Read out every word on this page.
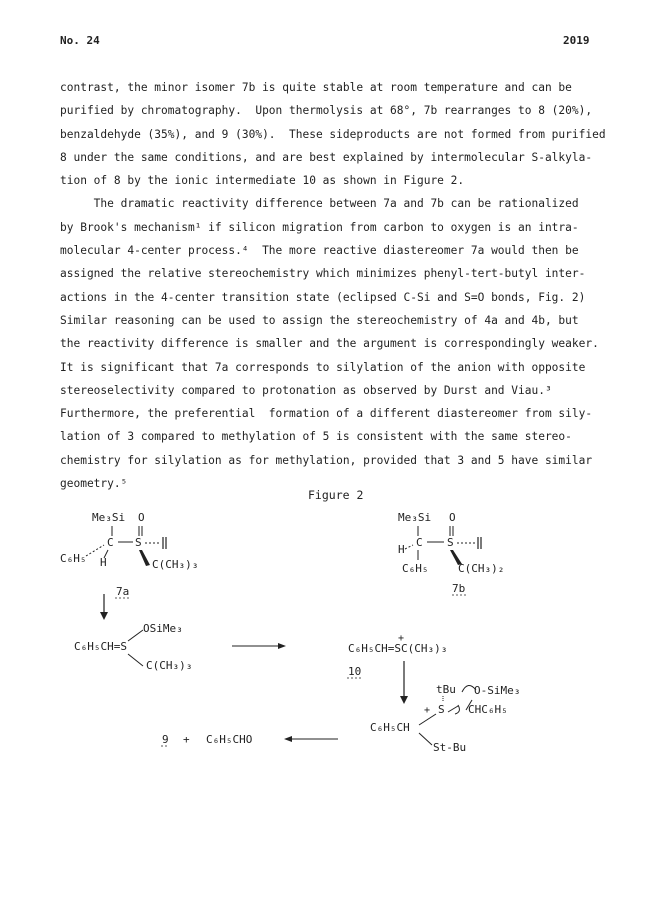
No. 24	2019
contrast, the minor isomer 7b is quite stable at room temperature and can be
purified by chromatography.  Upon thermolysis at 68°, 7b rearranges to 8 (20%),
benzaldehyde (35%), and 9 (30%).  These sideproducts are not formed from purified
8 under the same conditions, and are best explained by intermolecular S-alkyla-
tion of 8 by the ionic intermediate 10 as shown in Figure 2.
The dramatic reactivity difference between 7a and 7b can be rationalized
by Brook's mechanism¹ if silicon migration from carbon to oxygen is an intra-
molecular 4-center process.⁴  The more reactive diastereomer 7a would then be
assigned the relative stereochemistry which minimizes phenyl-tert-butyl inter-
actions in the 4-center transition state (eclipsed C-Si and S=O bonds, Fig. 2)
Similar reasoning can be used to assign the stereochemistry of 4a and 4b, but
the reactivity difference is smaller and the argument is correspondingly weaker.
It is significant that 7a corresponds to silylation of the anion with opposite
stereoselectivity compared to protonation as observed by Durst and Viau.³
Furthermore, the preferential  formation of a different diastereomer from sily-
lation of 3 compared to methylation of 5 is consistent with the same stereo-
chemistry for silylation as for methylation, provided that 3 and 5 have similar
geometry.⁵
Figure 2
Me₃Si O
C S
C₆H₅ H	C(CH₃)₃
7a
Me₃Si O
C S
H
C₆H₅	C(CH₃)₂
7b
OSiMe₃
C₆H₅CH=S
C(CH₃)₃
+
C₆H₅CH=SC(CH₃)₃
10
tBu O-SiMe₃
+ S CHC₆H₅
C₆H₅CH
St-Bu
9 + C₆H₅CHO
